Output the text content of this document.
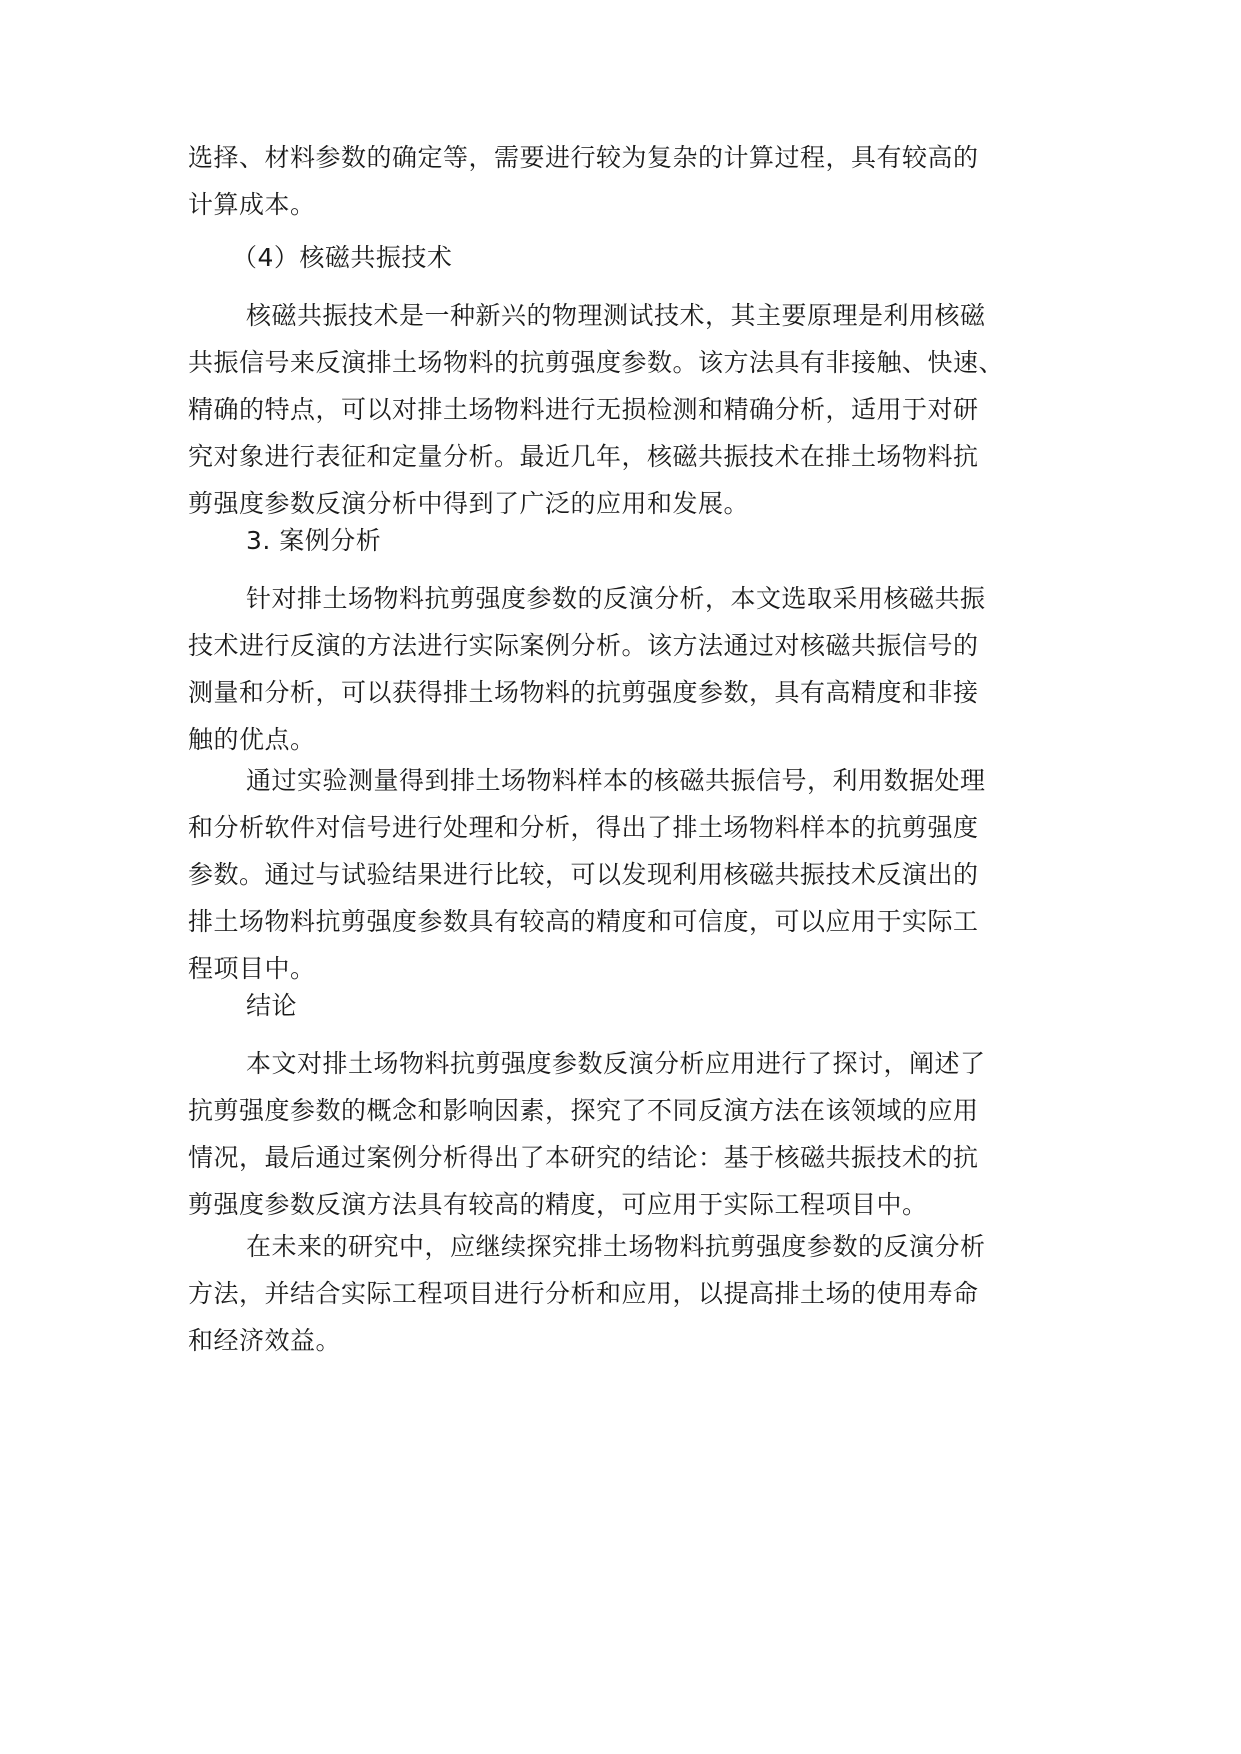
选择、材料参数的确定等，需要进行较为复杂的计算过程，具有较高的
计算成本。
（4）核磁共振技术
核磁共振技术是一种新兴的物理测试技术，其主要原理是利用核磁
共振信号来反演排土场物料的抗剪强度参数。该方法具有非接触、快速、
精确的特点，可以对排土场物料进行无损检测和精确分析，适用于对研
究对象进行表征和定量分析。最近几年，核磁共振技术在排土场物料抗
剪强度参数反演分析中得到了广泛的应用和发展。
3. 案例分析
针对排土场物料抗剪强度参数的反演分析，本文选取采用核磁共振
技术进行反演的方法进行实际案例分析。该方法通过对核磁共振信号的
测量和分析，可以获得排土场物料的抗剪强度参数，具有高精度和非接
触的优点。
通过实验测量得到排土场物料样本的核磁共振信号，利用数据处理
和分析软件对信号进行处理和分析，得出了排土场物料样本的抗剪强度
参数。通过与试验结果进行比较，可以发现利用核磁共振技术反演出的
排土场物料抗剪强度参数具有较高的精度和可信度，可以应用于实际工
程项目中。
结论
本文对排土场物料抗剪强度参数反演分析应用进行了探讨，阐述了
抗剪强度参数的概念和影响因素，探究了不同反演方法在该领域的应用
情况，最后通过案例分析得出了本研究的结论：基于核磁共振技术的抗
剪强度参数反演方法具有较高的精度，可应用于实际工程项目中。
在未来的研究中，应继续探究排土场物料抗剪强度参数的反演分析
方法，并结合实际工程项目进行分析和应用，以提高排土场的使用寿命
和经济效益。
